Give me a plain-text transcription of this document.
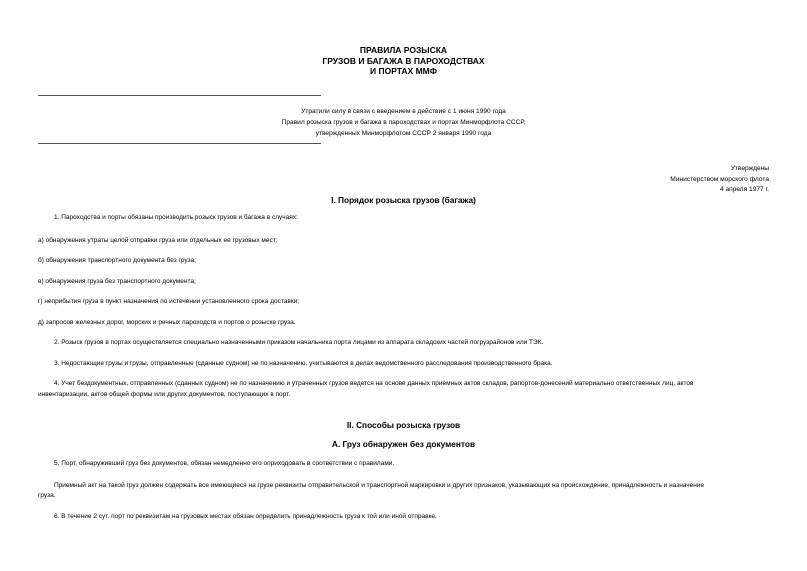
ПРАВИЛА РОЗЫСКА
ГРУЗОВ И БАГАЖА В ПАРОХОДСТВАХ
И ПОРТАХ ММФ
Утратили силу в связи с введением в действие с 1 июня 1990 года
Правил розыска грузов и багажа в пароходствах и портах Минморфлота СССР,
утвержденных Минморфлотом СССР 2 января 1990 года
Утверждены
Министерством морского флота
4 апреля 1977 г.
I. Порядок розыска грузов (багажа)
1. Пароходства и порты обязаны производить розыск грузов и багажа в случаях:
а) обнаружения утраты целой отправки груза или отдельных ее грузовых мест;
б) обнаружения транспортного документа без груза;
в) обнаружения груза без транспортного документа;
г) неприбытия груза в пункт назначения по истечении установленного срока доставки;
д) запросов железных дорог, морских и речных пароходств и портов о розыске груза.
2. Розыск грузов в портах осуществляется специально назначенными приказом начальника порта лицами из аппарата складских частей погрузрайонов или ТЭК.
3. Недостающие грузы и грузы, отправленные (сданные судном) не по назначению, учитываются в делах ведомственного расследования производственного брака.
4. Учет бездокументных, отправленных (сданных судном) не по назначению и утраченных грузов ведется на основе данных приемных актов складов, рапортов-донесений материально ответственных лиц, актов
инвентаризации, актов общей формы или других документов, поступающих в порт.
II. Способы розыска грузов
А. Груз обнаружен без документов
5. Порт, обнаруживший груз без документов, обязан немедленно его оприходовать в соответствии с правилами.
Приемный акт на такой груз должен содержать все имеющиеся на грузе реквизиты отправительской и транспортной маркировки и других признаков, указывающих на происхождение, принадлежность и назначение
груза.
6. В течение 2 сут. порт по реквизитам на грузовых местах обязан определить принадлежность груза к той или иной отправке.
